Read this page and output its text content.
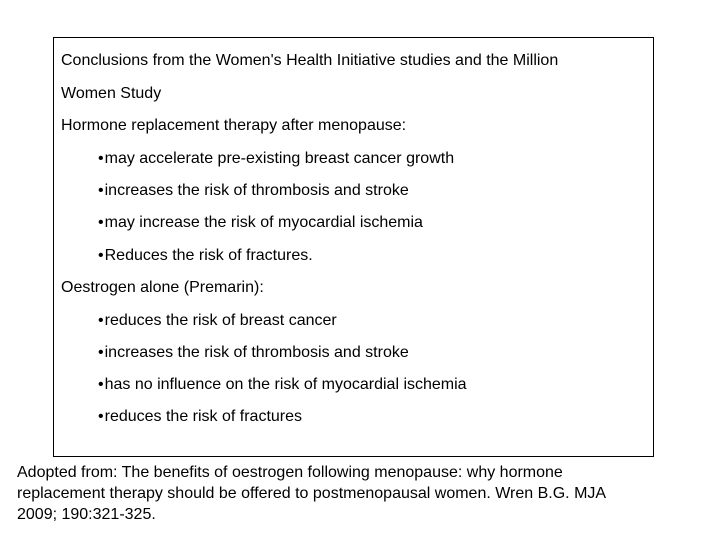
Conclusions from the Women's Health Initiative studies and the Million
Women Study
Hormone replacement therapy after menopause:
•may accelerate pre-existing breast cancer growth
•increases the risk of thrombosis and stroke
•may increase the risk of myocardial ischemia
•Reduces the risk of fractures.
Oestrogen alone (Premarin):
•reduces the risk of breast cancer
•increases the risk of thrombosis and stroke
•has no influence on the risk of myocardial ischemia
•reduces the risk of fractures
Adopted from: The benefits of oestrogen following menopause: why hormone
replacement therapy should be offered to postmenopausal women. Wren B.G. MJA
2009; 190:321-325.
